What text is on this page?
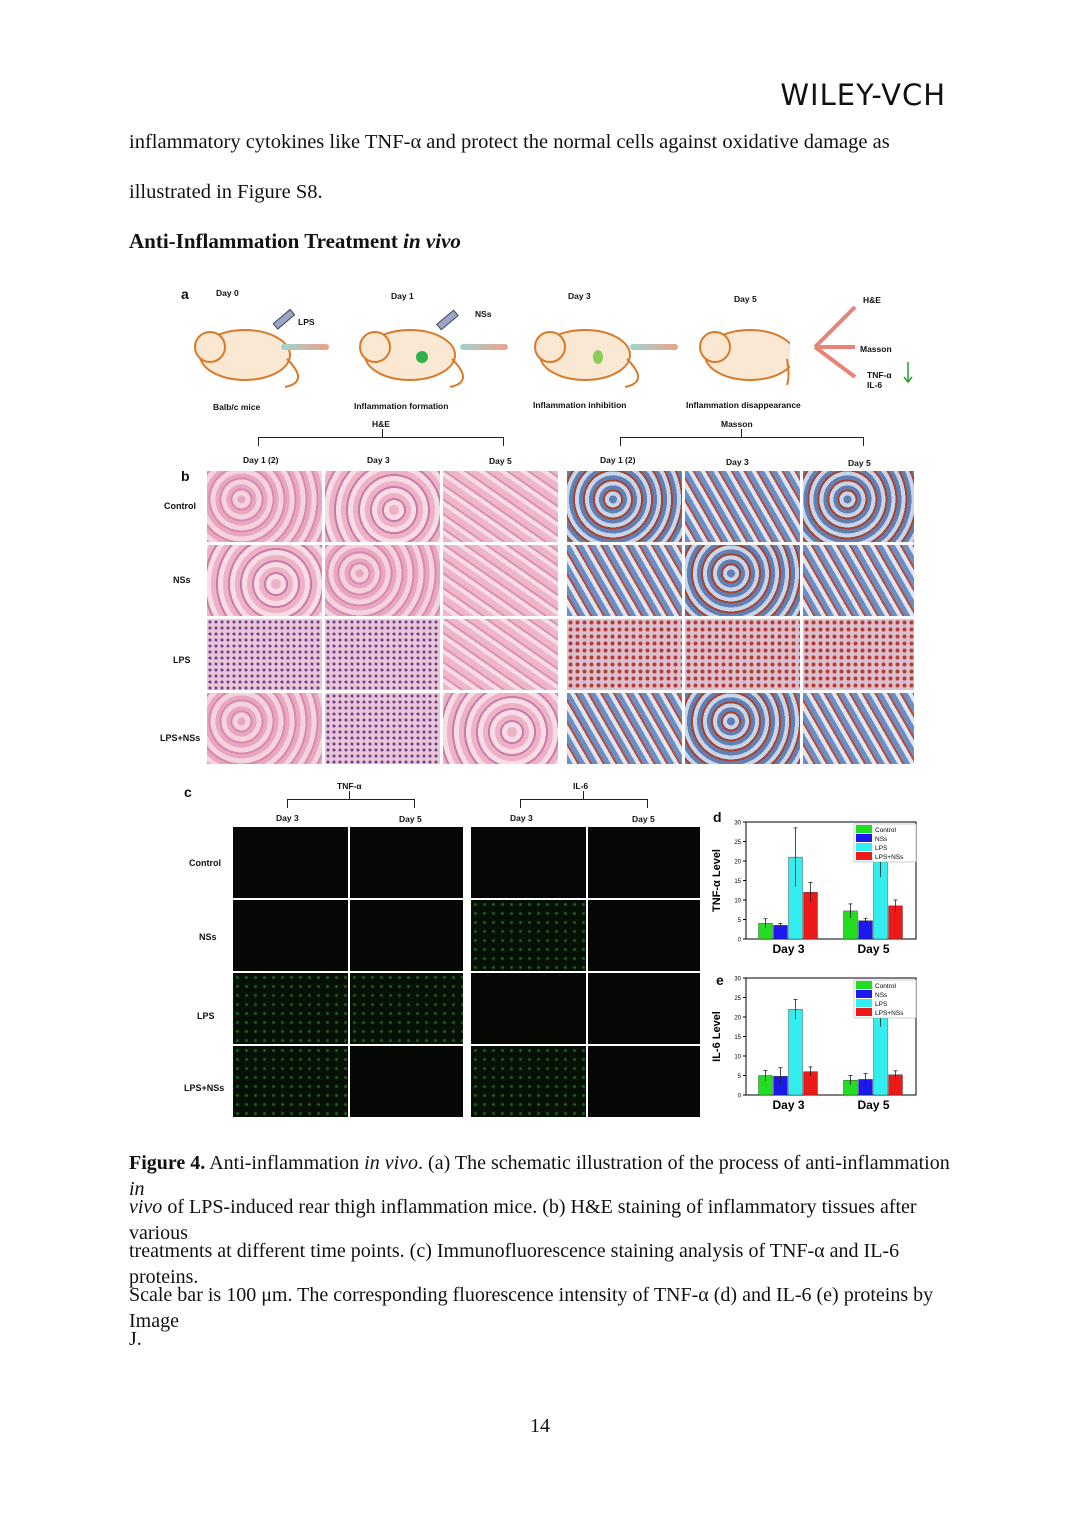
WILEY-VCH
inflammatory cytokines like TNF-α and protect the normal cells against oxidative damage as
illustrated in Figure S8.
Anti-Inflammation Treatment in vivo
a	Day 0	Day 1	Day 3	Day 5
LPS
NSs
H&E
Masson
TNF-α
IL-6
Balb/c mice	Inflammation formation	Inflammation inhibition	Inflammation disappearance
H&E	Masson
Day 1 (2)	Day 3	Day 5	Day 1 (2)	Day 3	Day 5
b
Control
NSs
LPS
LPS+NSs
c	TNF-α	IL-6
Day 3	Day 5	Day 3	Day 5
Control
NSs
LPS
LPS+NSs
d
e
0
5
10
15
20
25
30
TNF-α Level
Day 3	Day 5
Control
NSs
LPS
LPS+NSs
0
5
10
15
20
25
30
IL-6 Level
Day 3	Day 5
Control
NSs
LPS
LPS+NSs
Figure 4. Anti-inflammation in vivo. (a) The schematic illustration of the process of anti-inflammation in
vivo of LPS-induced rear thigh inflammation mice. (b) H&E staining of inflammatory tissues after various
treatments at different time points. (c) Immunofluorescence staining analysis of TNF-α and IL-6 proteins.
Scale bar is 100 μm. The corresponding fluorescence intensity of TNF-α (d) and IL-6 (e) proteins by Image
J.
14
